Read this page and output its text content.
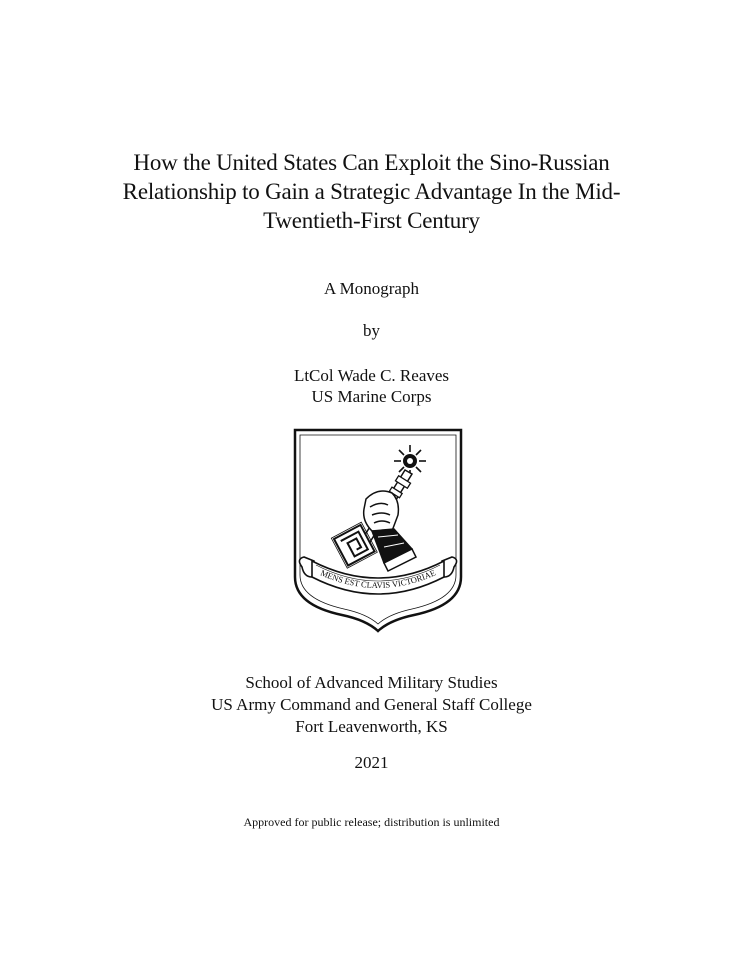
How the United States Can Exploit the Sino-Russian
Relationship to Gain a Strategic Advantage In the Mid-
Twentieth-First Century
A Monograph
by
LtCol Wade C. Reaves
US Marine Corps
MENS EST CLAVIS VICTORIAE
School of Advanced Military Studies
US Army Command and General Staff College
Fort Leavenworth, KS
2021
Approved for public release; distribution is unlimited
